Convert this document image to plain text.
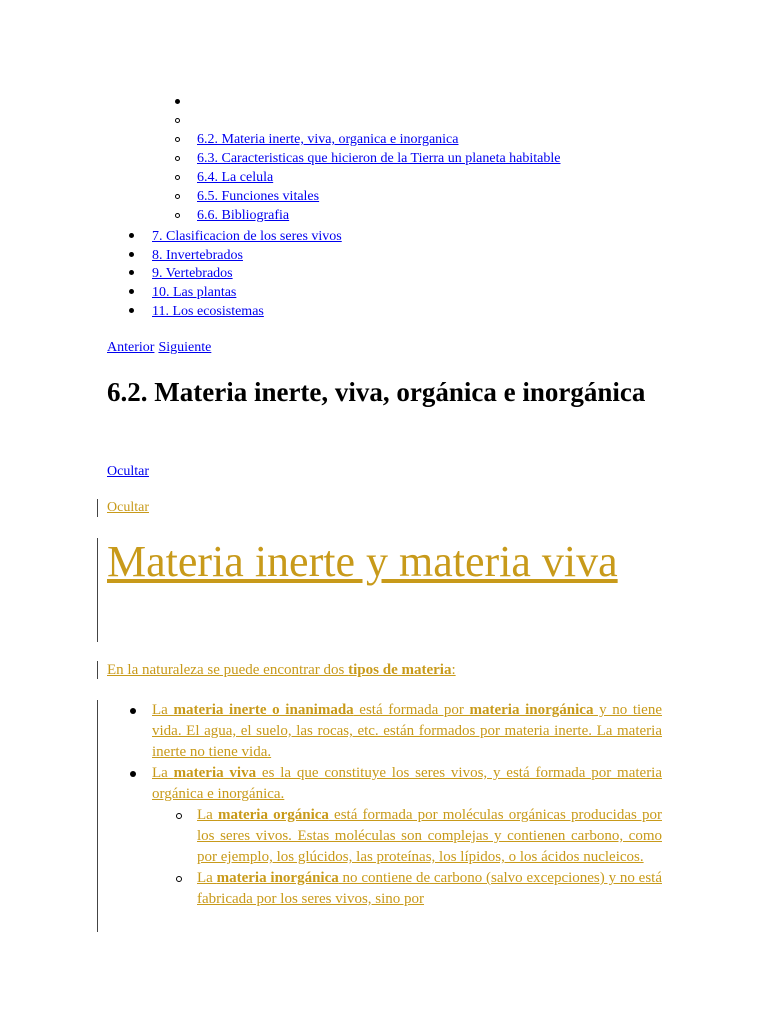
6.2. Materia inerte, viva, organica e inorganica
6.3. Caracteristicas que hicieron de la Tierra un planeta habitable
6.4. La celula
6.5. Funciones vitales
6.6. Bibliografia
7. Clasificacion de los seres vivos
8. Invertebrados
9. Vertebrados
10. Las plantas
11. Los ecosistemas
Anterior Siguiente
6.2. Materia inerte, viva, orgánica e inorgánica
Ocultar
Ocultar
Materia inerte y materia viva
En la naturaleza se puede encontrar dos tipos de materia:
La materia inerte o inanimada está formada por materia inorgánica y no tiene vida. El agua, el suelo, las rocas, etc. están formados por materia inerte. La materia inerte no tiene vida.
La materia viva es la que constituye los seres vivos, y está formada por materia orgánica e inorgánica.
La materia orgánica está formada por moléculas orgánicas producidas por los seres vivos. Estas moléculas son complejas y contienen carbono, como por ejemplo, los glúcidos, las proteínas, los lípidos, o los ácidos nucleicos.
La materia inorgánica no contiene de carbono (salvo excepciones) y no está fabricada por los seres vivos, sino por
